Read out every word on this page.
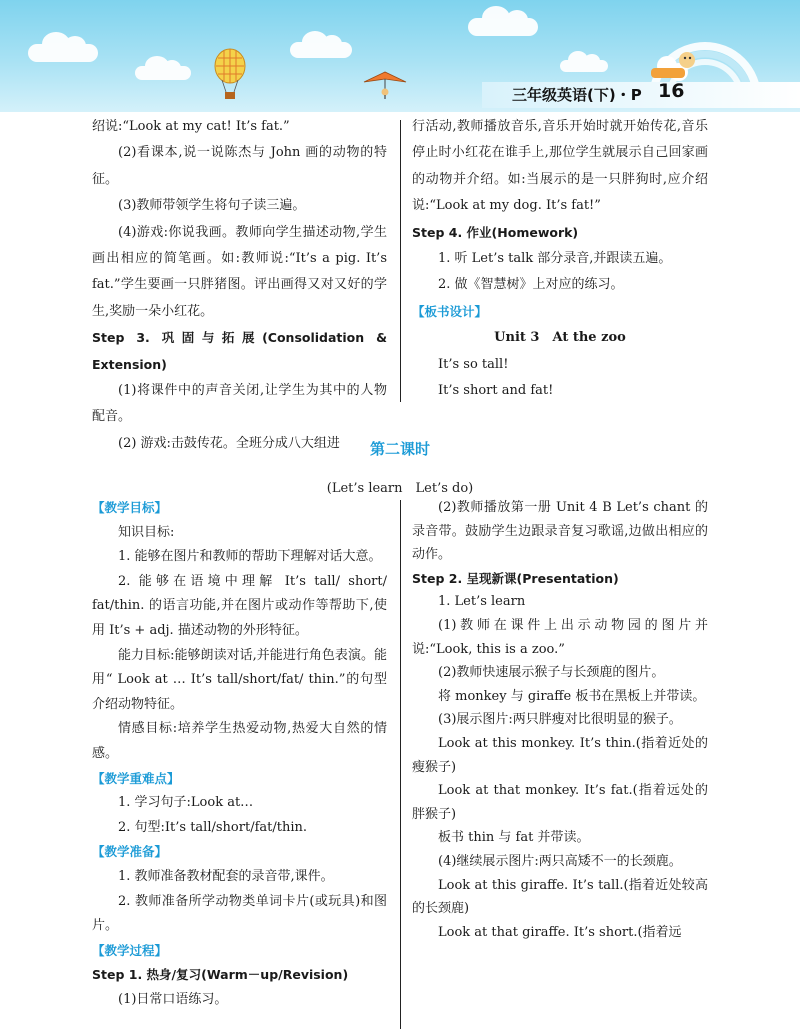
三年级英语(下)・P 16

绍说:“Look at my cat! It’s fat.”

(2)看课本,说一说陈杰与 John 画的动物的特征。

(3)教师带领学生将句子读三遍。

(4)游戏:你说我画。教师向学生描述动物,学生画出相应的简笔画。如:教师说:“It’s a pig. It’s fat.”学生要画一只胖猪图。评出画得又对又好的学生,奖励一朵小红花。

Step 3. 巩固与拓展(Consolidation & Extension)

(1)将课件中的声音关闭,让学生为其中的人物配音。

(2) 游戏:击鼓传花。全班分成八大组进

行活动,教师播放音乐,音乐开始时就开始传花,音乐停止时小红花在谁手上,那位学生就展示自己回家画的动物并介绍。如:当展示的是一只胖狗时,应介绍说:“Look at my dog. It’s fat!”

Step 4. 作业(Homework)

1. 听 Let’s talk 部分录音,并跟读五遍。

2. 做《智慧树》上对应的练习。

【板书设计】

Unit 3　At the zoo

It’s so tall!

It’s short and fat!

第二课时
(Let’s learn　Let’s do)

【教学目标】

知识目标:

1. 能够在图片和教师的帮助下理解对话大意。

2. 能够在语境中理解 It’s tall/ short/ fat/thin. 的语言功能,并在图片或动作等帮助下,使用 It’s + adj. 描述动物的外形特征。

能力目标:能够朗读对话,并能进行角色表演。能用“ Look at … It’s tall/short/fat/ thin.”的句型介绍动物特征。

情感目标:培养学生热爱动物,热爱大自然的情感。

【教学重难点】

1. 学习句子:Look at…

2. 句型:It’s tall/short/fat/thin.

【教学准备】

1. 教师准备教材配套的录音带,课件。

2. 教师准备所学动物类单词卡片(或玩具)和图片。

【教学过程】

Step 1. 热身/复习(Warm－up/Revision)

(1)日常口语练习。

(2)教师播放第一册 Unit 4 B Let’s chant 的录音带。鼓励学生边跟录音复习歌谣,边做出相应的动作。

Step 2. 呈现新课(Presentation)

1. Let’s learn

(1)教师在课件上出示动物园的图片并说:“Look, this is a zoo.”

(2)教师快速展示猴子与长颈鹿的图片。

将 monkey 与 giraffe 板书在黑板上并带读。

(3)展示图片:两只胖瘦对比很明显的猴子。

Look at this monkey. It’s thin.(指着近处的瘦猴子)

Look at that monkey. It’s fat.(指着远处的胖猴子)

板书 thin 与 fat 并带读。

(4)继续展示图片:两只高矮不一的长颈鹿。

Look at this giraffe. It’s tall.(指着近处较高的长颈鹿)

Look at that giraffe. It’s short.(指着远
